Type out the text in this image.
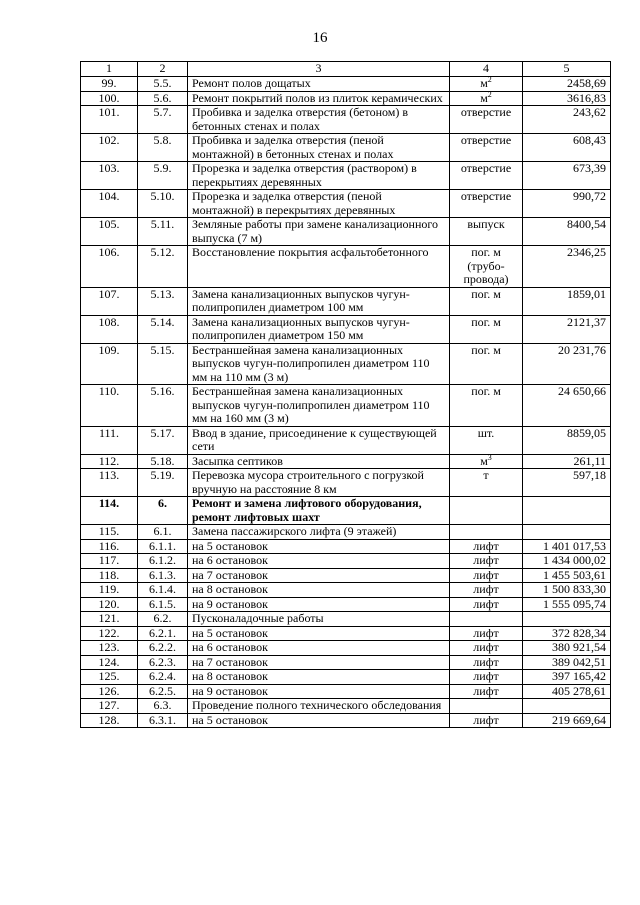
16
1	2	3	4	5
99.	5.5.	Ремонт полов дощатых	$м^2$	2458,69
100.	5.6.	Ремонт покрытий полов из плиток керамических	$м^2$	3616,83
101.	5.7.	Пробивка и заделка отверстия (бетоном) в бетонных стенах и полах	отверстие	243,62
102.	5.8.	Пробивка и заделка отверстия (пеной монтажной) в бетонных стенах и полах	отверстие	608,43
103.	5.9.	Прорезка и заделка отверстия (раствором) в перекрытиях деревянных	отверстие	673,39
104.	5.10.	Прорезка и заделка отверстия (пеной монтажной) в перекрытиях деревянных	отверстие	990,72
105.	5.11.	Земляные работы при замене канализационного выпуска (7 м)	выпуск	8400,54
106.	5.12.	Восстановление покрытия асфальтобетонного	пог. м (трубо-провода)	2346,25
107.	5.13.	Замена канализационных выпусков чугун-полипропилен диаметром 100 мм	пог. м	1859,01
108.	5.14.	Замена канализационных выпусков чугун-полипропилен диаметром 150 мм	пог. м	2121,37
109.	5.15.	Бестраншейная замена канализационных выпусков чугун-полипропилен диаметром 110 мм на 110 мм (3 м)	пог. м	20 231,76
110.	5.16.	Бестраншейная замена канализационных выпусков чугун-полипропилен диаметром 110 мм на 160 мм (3 м)	пог. м	24 650,66
111.	5.17.	Ввод в здание, присоединение к существующей сети	шт.	8859,05
112.	5.18.	Засыпка септиков	$м^3$	261,11
113.	5.19.	Перевозка мусора строительного с погрузкой вручную на расстояние 8 км	т	597,18
114.	6.	Ремонт и замена лифтового оборудования, ремонт лифтовых шахт		
115.	6.1.	Замена пассажирского лифта (9 этажей)		
116.	6.1.1.	на 5 остановок	лифт	1 401 017,53
117.	6.1.2.	на 6 остановок	лифт	1 434 000,02
118.	6.1.3.	на 7 остановок	лифт	1 455 503,61
119.	6.1.4.	на 8 остановок	лифт	1 500 833,30
120.	6.1.5.	на 9 остановок	лифт	1 555 095,74
121.	6.2.	Пусконаладочные работы		
122.	6.2.1.	на 5 остановок	лифт	372 828,34
123.	6.2.2.	на 6 остановок	лифт	380 921,54
124.	6.2.3.	на 7 остановок	лифт	389 042,51
125.	6.2.4.	на 8 остановок	лифт	397 165,42
126.	6.2.5.	на 9 остановок	лифт	405 278,61
127.	6.3.	Проведение полного технического обследования		
128.	6.3.1.	на 5 остановок	лифт	219 669,64
